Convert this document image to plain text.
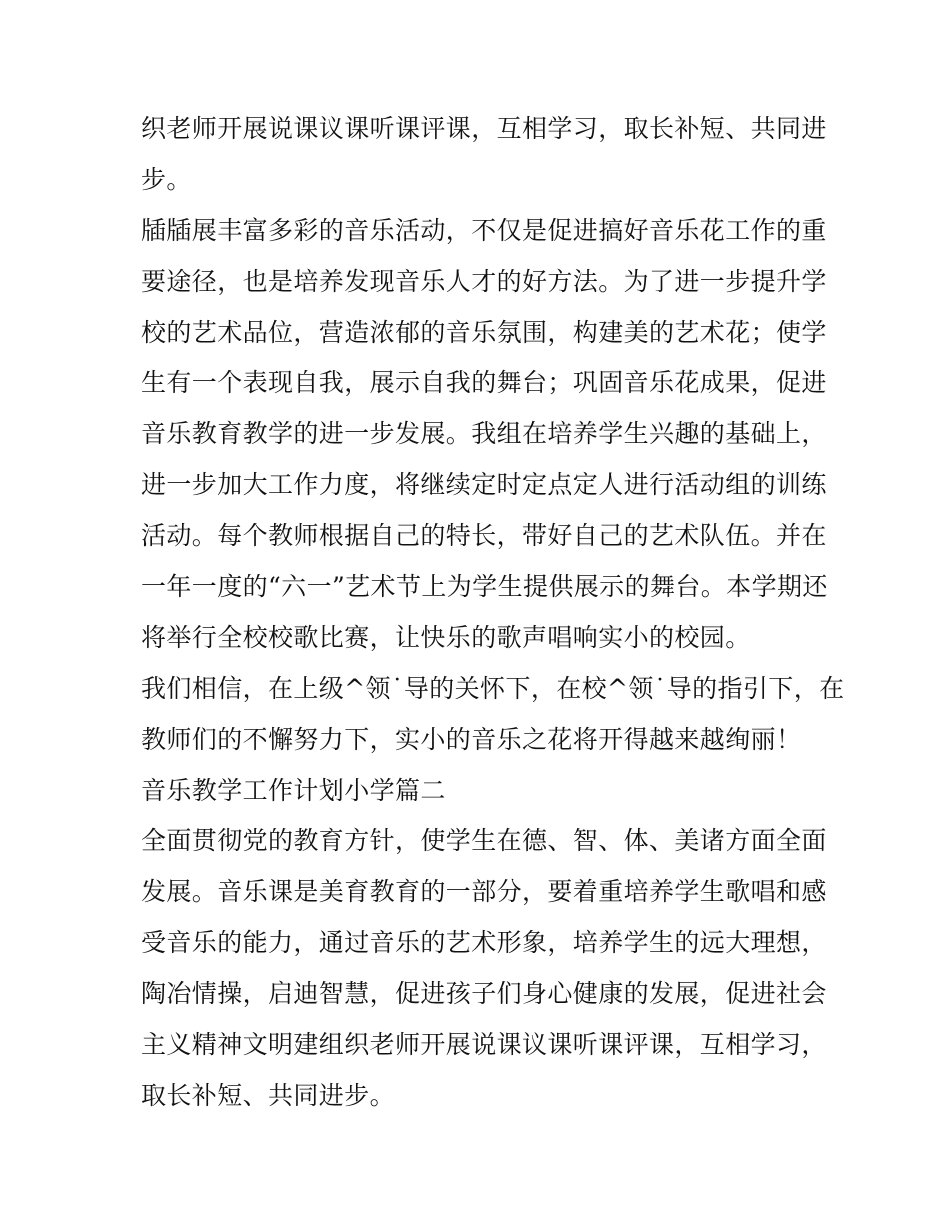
织老师开展说课议课听课评课，互相学习，取长补短、共同进
步。
牐牐展丰富多彩的音乐活动，不仅是促进搞好音乐花工作的重
要途径，也是培养发现音乐人才的好方法。为了进一步提升学
校的艺术品位，营造浓郁的音乐氛围，构建美的艺术花；使学
生有一个表现自我，展示自我的舞台；巩固音乐花成果，促进
音乐教育教学的进一步发展。我组在培养学生兴趣的基础上，
进一步加大工作力度，将继续定时定点定人进行活动组的训练
活动。每个教师根据自己的特长，带好自己的艺术队伍。并在
一年一度的“六一”艺术节上为学生提供展示的舞台。本学期还
将举行全校校歌比赛，让快乐的歌声唱响实小的校园。
我们相信，在上级^领˙导的关怀下，在校^领˙导的指引下，在
教师们的不懈努力下，实小的音乐之花将开得越来越绚丽！
音乐教学工作计划小学篇二
全面贯彻党的教育方针，使学生在德、智、体、美诸方面全面
发展。音乐课是美育教育的一部分，要着重培养学生歌唱和感
受音乐的能力，通过音乐的艺术形象，培养学生的远大理想，
陶冶情操，启迪智慧，促进孩子们身心健康的发展，促进社会
主义精神文明建组织老师开展说课议课听课评课，互相学习，
取长补短、共同进步。
